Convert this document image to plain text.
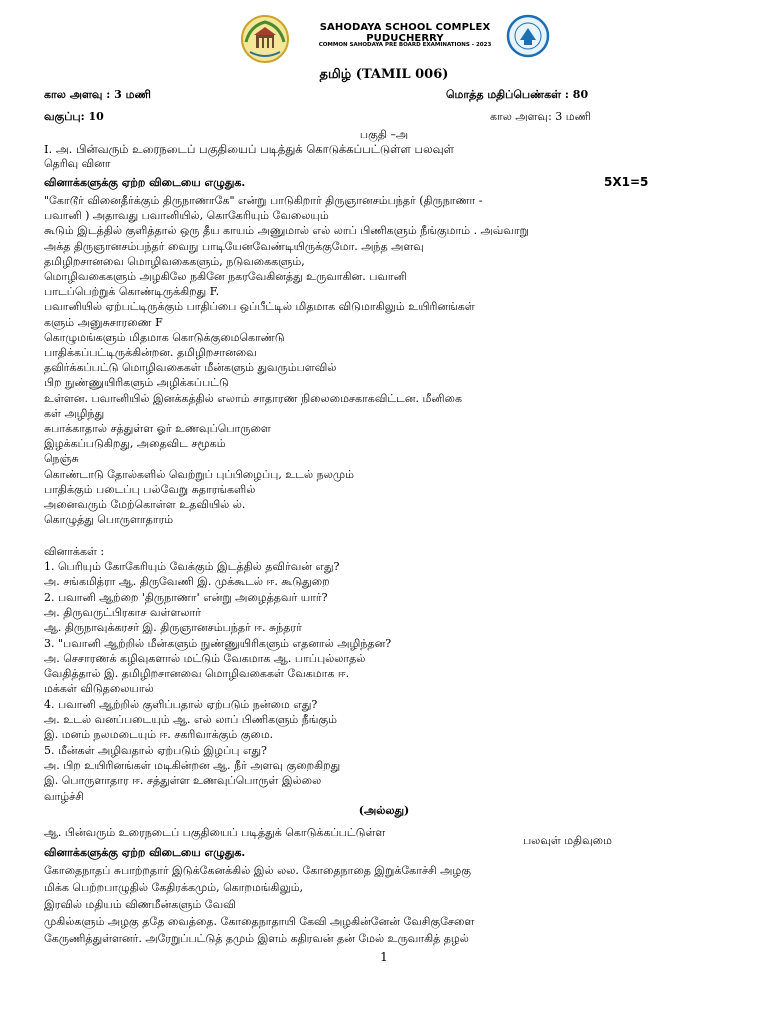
SAHODAYA SCHOOL COMPLEX PUDUCHERRY
COMMON SAHODAYA PRE BOARD EXAMINATIONS - 2023
தமிழ் (TAMIL 006)
கால அளவு : 3 மணி	மொத்த மதிப்பெண்கள் : 80
வகுப்பு: 10	கால அளவு: 3 மணி
பகுதி –அ
I. அ. பின்வரும் உரைநடைப் பகுதியைப் படித்துக் கொடுக்கப்பட்டுள்ள பலவுள்
தெரிவு வினா
வினாக்களுக்கு ஏற்ற விடையை எழுதுக.	5X1=5
"கோடூர் வினைதீர்க்கும் திருநாணாகே" என்று பாடுகிறார் திருஞானசம்பந்தர் (திருநாணா -
பவானி ) அதாவது பவானியில், கொகேரியும் வேலையும்
கூடும் இடத்தில் குளித்தால் ஒரு தீய காயம் அணுமால் எல் லாப் பிணிகளும் நீங்குமாம் . அவ்வாறு
அக்த திருஞானசம்பந்தர் வைநு பாடியேனவேண்டியிருக்குமோ. அந்த அளவு
தமிழிறசானவை மொழிவகைகளும், நடுவகைகளும்,
மொழிவகைகளும் அழகிலே நகினே நகரவேகினத்து உருவாகின. பவானி
பாடப்பெற்றுக் கொண்டிருக்கிறது F.
பவானியில் ஏற்பட்டிருக்கும் பாதிப்பை ஒப்பீட்டில் மிதமாக விடுமாகிலும் உயிரினங்கள்
களும் அனுசுசாரணை F
கொழுமங்களும் மிதமாக கொடுக்குமைகொண்டு
பாதிக்கப்பட்டிருக்கின்றன. தமிழிறசானவை
தவிர்க்கப்பட்டு மொழிவகைகள் மீன்களும் துவரும்பளவில்
பிற நுண்ணுயிரிகளும் அழிக்கப்பட்டு
உள்ளன. பவானியில் இனக்கத்தில் எலாம் சாதாரண நிலைமைசகாகவிட்டன. மீனிகை
கள் அழிந்து
சுபாக்காதால் சத்துள்ள ஓர் உணவுப்பொருளை
இழக்கப்படுகிறது, அதைவிட சமூகம்
நெஞ்சு
கொண்டாடு தோல்களில் வெற்றுப் புப்பிழைப்பு, உடல் நலமும்
பாதிக்கும் படைப்பு பல்வேறு சுதாரங்களில்
அனைவரும் மேற்கொள்ள உதவியில் ல்.
கொழுத்து பொருளாதாரம்
வினாக்கள் :
1. பெரியும் கோகேரியும் வேக்கும் இடத்தில் தவிர்வன் எது?
அ. சங்கமித்ரா ஆ. திருவேணி இ. முக்கூடல் ஈ. கூடுதுறை
2. பவானி ஆற்றை 'திருநாணா' என்று அழைத்தவர் யார்?
அ. திருவருட்பிரகாச வள்ளலார்
ஆ. திருநாவுக்கரசர் இ. திருஞானசம்பந்தர் ஈ. சுந்தரர்
3. "பவானி ஆற்றில் மீன்களும் நுண்ணுயிரிகளும் எதனால் அழிந்தன?
அ. செசாரணக் கழிவுகளால் மட்டும் வேகமாக ஆ. பாப்புல்லாதல்
வேதித்தால் இ. தமிழிறசானவை மொழிவகைகள் வேகமாக ஈ.
மக்கள் விடுதலையால்
4. பவானி ஆற்றில் குளிப்பதால் ஏற்படும் நன்மை எது?
அ. உடல் வனப்படையும் ஆ. எல் லாப் பிணிகளும் நீங்கும்
இ. மனம் நலமடையும் ஈ. சகரிவாக்கும் குமை.
5. மீன்கள் அழிவதால் ஏற்படும் இழப்பு எது?
அ. பிற உயிரினங்கள் மடிகின்றன ஆ. நீர் அளவு குறைகிறது
இ. பொருளாதார ஈ. சத்துள்ள உணவுப்பொருள் இல்லை
வாழ்ச்சி
(அல்லது)
ஆ. பின்வரும் உரைநடைப் பகுதியைப் படித்துக் கொடுக்கப்பட்டுள்ள
பலவுள் மதிவுமை
வினாக்களுக்கு ஏற்ற விடையை எழுதுக.
கோதைநாதப் சுபாற்றதார் இடுக்கேனக்கில் இல் லல. கோதைநாதை இறுக்கோச்சி அழகு
மிக்க பெற்றபாழுதில் கேதிரக்கமும், கொறமங்கிலும்,
இரவில் மதியம் விணமீன்களும் வேவி
முகில்களும் அழகு ததே வைத்தை. கோதைநாதாயி கேவி அழகின்னேன் வேசிகுசேளை
கேருணித்துள்ளனர். அரேறுப்பட்டுத் தமும் இளம் கதிரவன் தன் மேல் உருவாகித் தழல்
1
